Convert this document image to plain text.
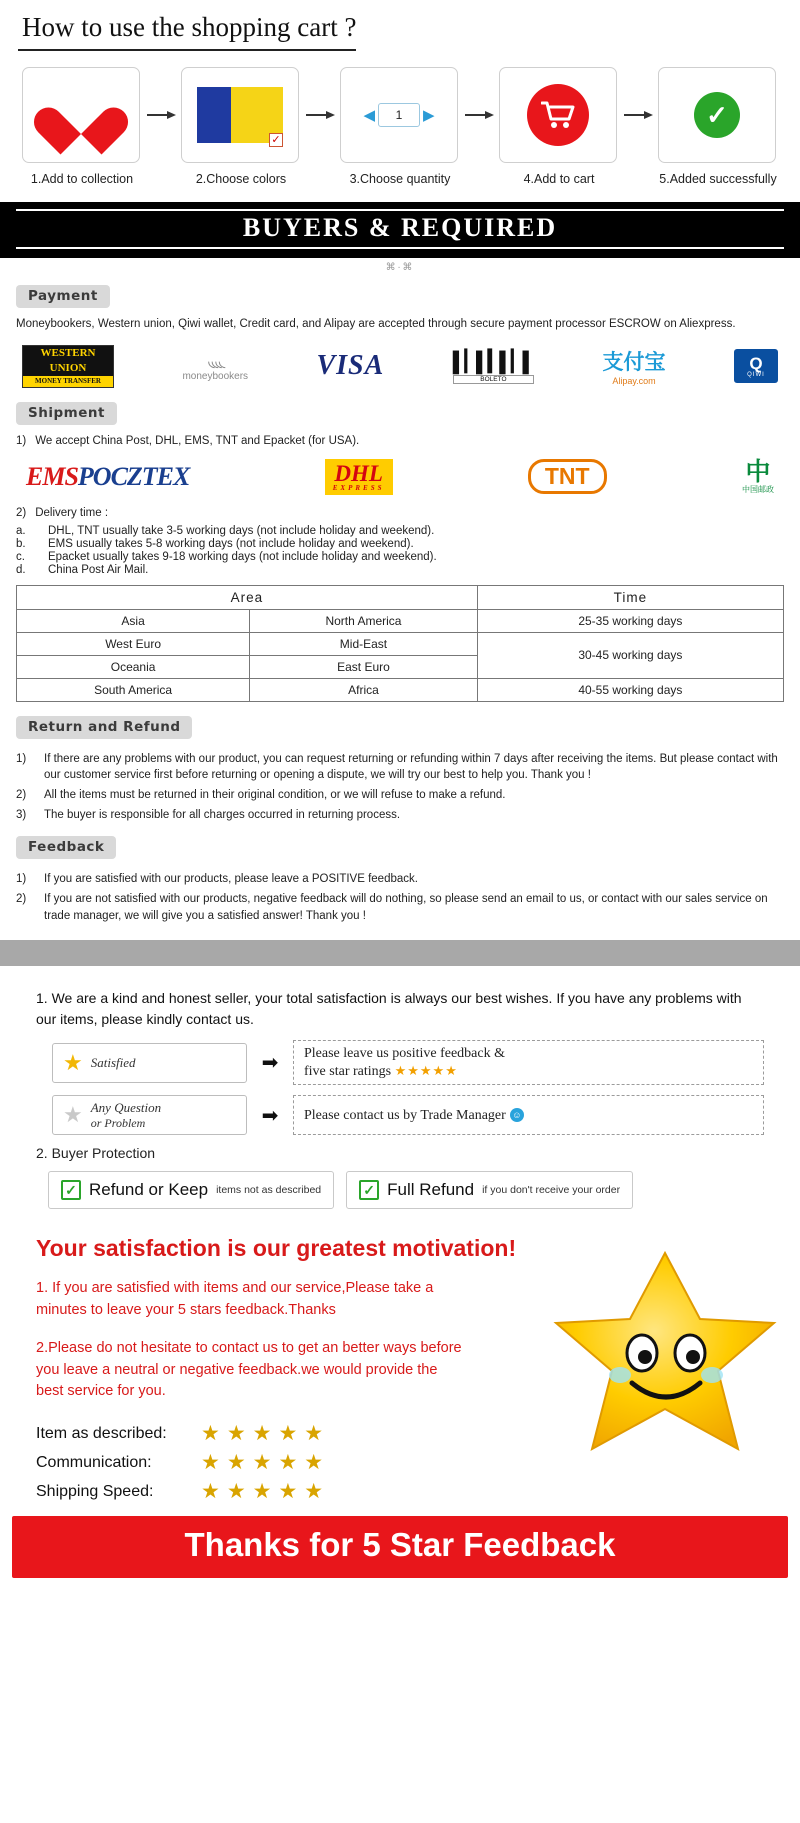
How to use the shopping cart ?
1.Add to collection
✓
2.Choose colors
◀	1	▶
3.Choose quantity	4.Add to cart
✓
5.Added successfully
BUYERS & REQUIRED
⌘∙⌘
Payment
Moneybookers, Western union, Qiwi wallet, Credit card, and Alipay are accepted through secure payment processor ESCROW on Aliexpress.
WESTERN
UNION
MONEY TRANSFER
◟◟◟◟
moneybookers VISA	▌▎▌▍▌▎▌
BOLETO
支付宝
Alipay.com
Q
QIWI
Shipment
1) We accept China Post, DHL, EMS, TNT and Epacket (for USA).
EMSPOCZTEX	DHL
EXPRESS	TNT	中
中国邮政
2) Delivery time :
a. DHL, TNT usually take 3-5 working days (not include holiday and weekend).
b. EMS usually takes 5-8 working days (not include holiday and weekend).
c. Epacket usually takes 9-18 working days (not include holiday and weekend).
d. China Post Air Mail.
Area		Time
Asia	North America	25-35 working days
West Euro	Mid-East	30-45 working days
Oceania	East Euro	
South America	Africa	40-55 working days
Return and Refund
1)	If there are any problems with our product, you can request returning or refunding within 7 days after receiving the items. But please contact with our customer service first before returning or opening a dispute, we will try our best to help you. Thank you !
2)	All the items must be returned in their original condition, or we will refuse to make a refund.
3)	The buyer is responsible for all charges occurred in returning process.
Feedback
1)	If you are satisfied with our products, please leave a POSITIVE feedback.
2)	If you are not satisfied with our products, negative feedback will do nothing, so please send an email to us, or contact with our sales service on trade manager, we will give you a satisfied answer! Thank you !
1. We are a kind and honest seller, your total satisfaction is always our best wishes. If you have any problems with our items, please kindly contact us.
★ Satisfied	➡	Please leave us positive feedback &
five star ratings ★★★★★
★ Any Question
or Problem	➡	Please contact us by Trade Manager ☺
2. Buyer Protection
✓ Refund or Keep items not as described	✓ Full Refund if you don't receive your order
Your satisfaction is our greatest motivation!

1. If you are satisfied with items and our service,Please take a minutes to leave your 5 stars feedback.Thanks

2.Please do not hesitate to contact us to get an better ways before you leave a neutral or negative feedback.we would provide the best service for you.

Item as described:	★★★★★
Communication:	★★★★★
Shipping Speed:	★★★★★
Thanks for 5 Star Feedback
